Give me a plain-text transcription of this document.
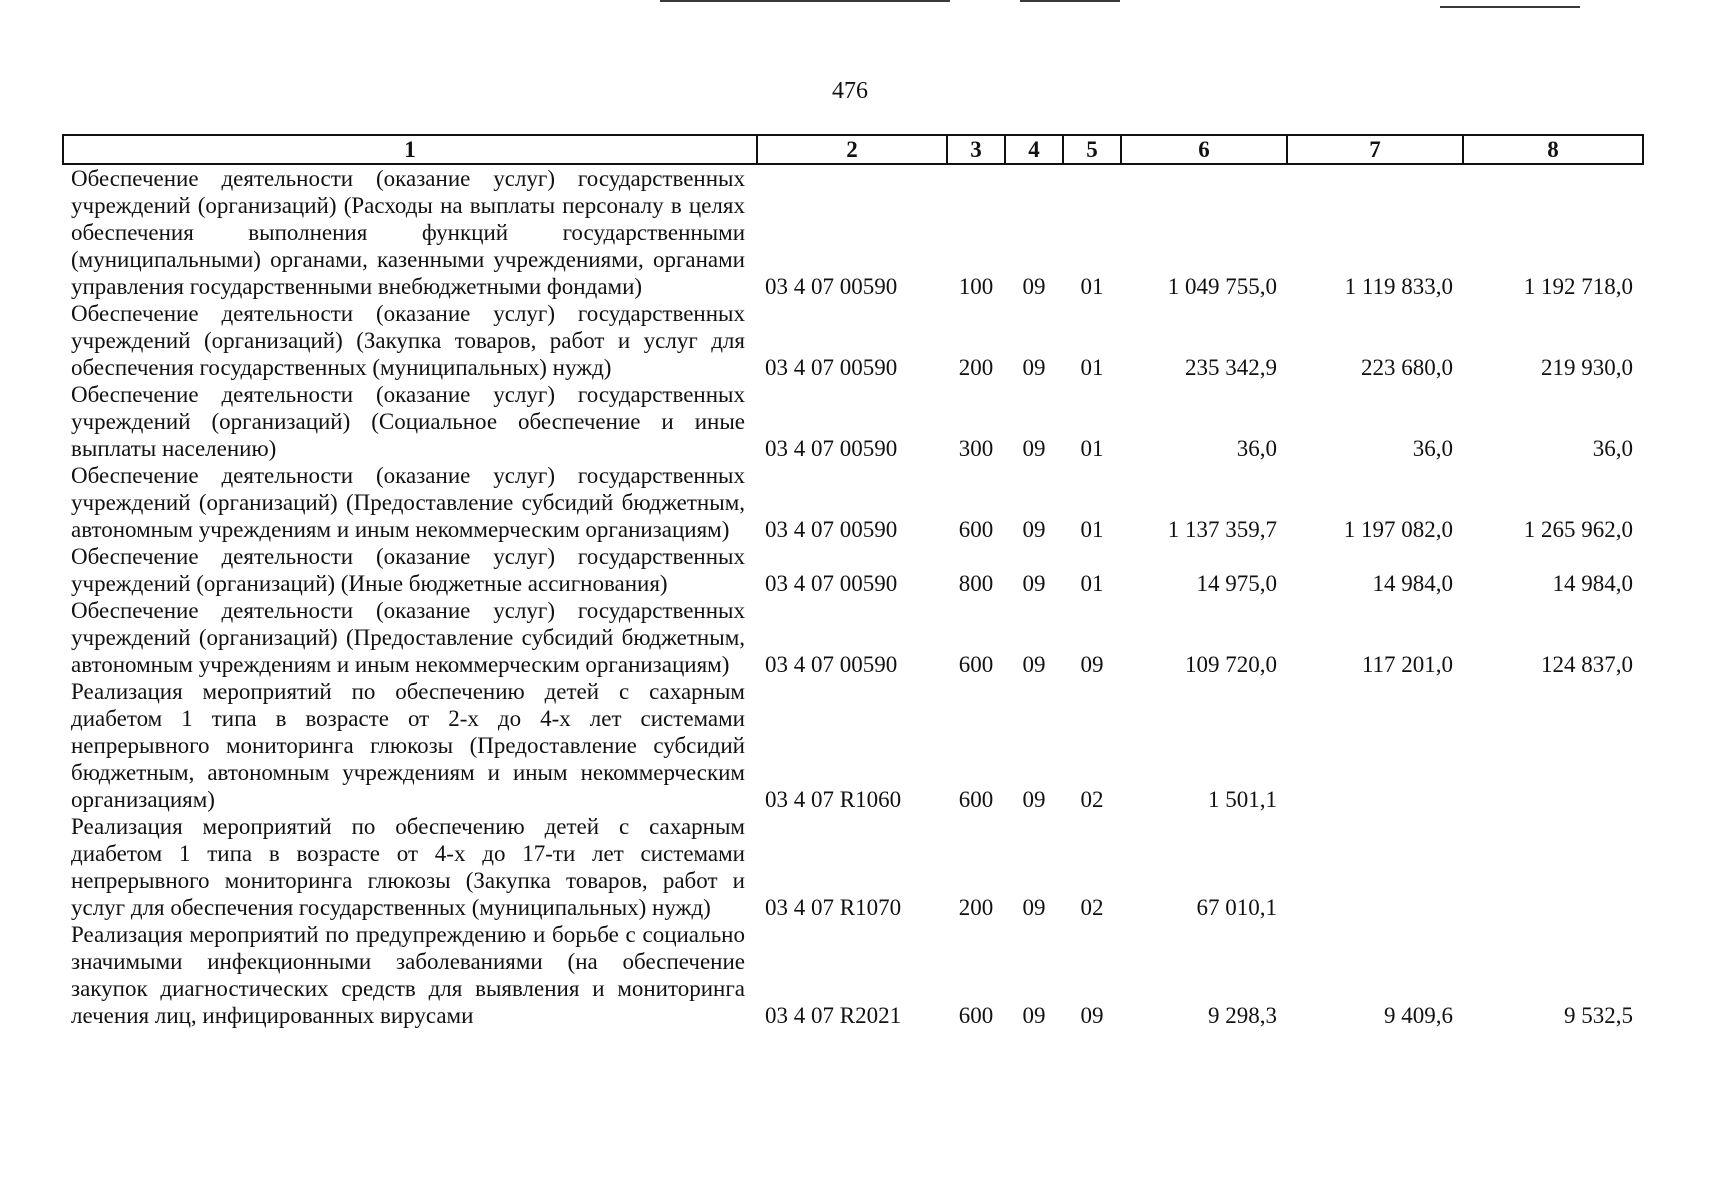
476
1	2	3	4	5	6	7	8
Обеспечение деятельности (оказание услуг) государственных учреждений (организаций) (Расходы на выплаты персоналу в целях обеспечения выполнения функций государственными (муниципальными) органами, казенными учреждениями, органами управления государственными внебюджетными фондами)	03 4 07 00590	100	09	01	1 049 755,0	1 119 833,0	1 192 718,0
Обеспечение деятельности (оказание услуг) государственных учреждений (организаций) (Закупка товаров, работ и услуг для обеспечения государственных (муниципальных) нужд)	03 4 07 00590	200	09	01	235 342,9	223 680,0	219 930,0
Обеспечение деятельности (оказание услуг) государственных учреждений (организаций) (Социальное обеспечение и иные выплаты населению)	03 4 07 00590	300	09	01	36,0	36,0	36,0
Обеспечение деятельности (оказание услуг) государственных учреждений (организаций) (Предоставление субсидий бюджетным, автономным учреждениям и иным некоммерческим организациям)	03 4 07 00590	600	09	01	1 137 359,7	1 197 082,0	1 265 962,0
Обеспечение деятельности (оказание услуг) государственных учреждений (организаций) (Иные бюджетные ассигнования)	03 4 07 00590	800	09	01	14 975,0	14 984,0	14 984,0
Обеспечение деятельности (оказание услуг) государственных учреждений (организаций) (Предоставление субсидий бюджетным, автономным учреждениям и иным некоммерческим организациям)	03 4 07 00590	600	09	09	109 720,0	117 201,0	124 837,0
Реализация мероприятий по обеспечению детей с сахарным диабетом 1 типа в возрасте от 2-х до 4-х лет системами непрерывного мониторинга глюкозы (Предоставление субсидий бюджетным, автономным учреждениям и иным некоммерческим организациям)	03 4 07 R1060	600	09	02	1 501,1		
Реализация мероприятий по обеспечению детей с сахарным диабетом 1 типа в возрасте от 4-х до 17-ти лет системами непрерывного мониторинга глюкозы (Закупка товаров, работ и услуг для обеспечения государственных (муниципальных) нужд)	03 4 07 R1070	200	09	02	67 010,1		
Реализация мероприятий по предупреждению и борьбе с социально значимыми инфекционными заболеваниями (на обеспечение закупок диагностических средств для выявления и мониторинга лечения лиц, инфицированных вирусами	03 4 07 R2021	600	09	09	9 298,3	9 409,6	9 532,5
